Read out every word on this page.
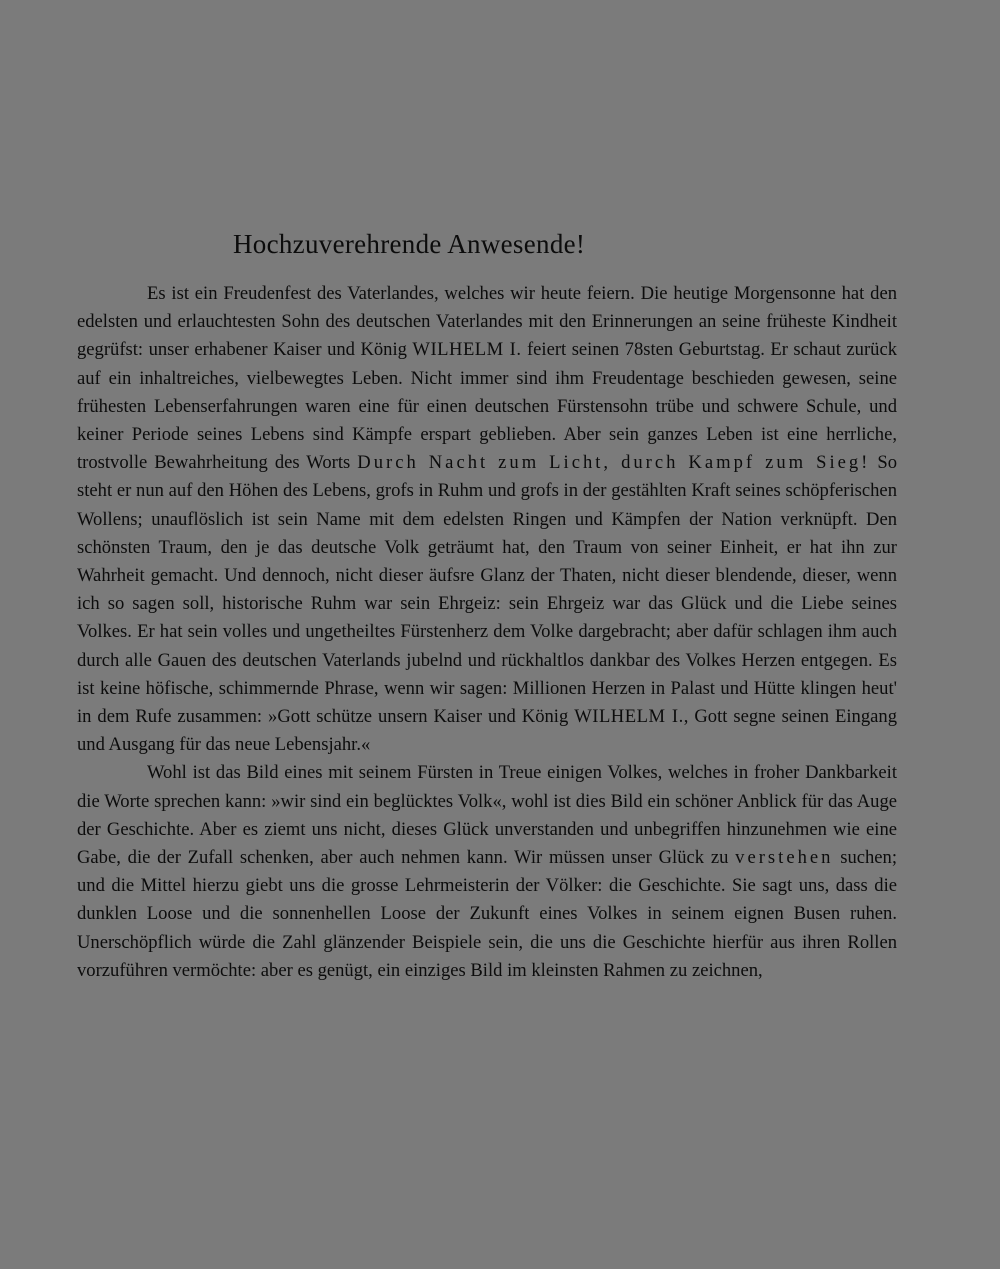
Hochzuverehrende Anwesende!

Es ist ein Freudenfest des Vaterlandes, welches wir heute feiern. Die heutige Morgensonne hat den edelsten und erlauchtesten Sohn des deutschen Vaterlandes mit den Erinnerungen an seine früheste Kindheit gegrüfst: unser erhabener Kaiser und König WILHELM I. feiert seinen 78sten Geburtstag. Er schaut zurück auf ein inhaltreiches, vielbewegtes Leben. Nicht immer sind ihm Freudentage beschieden gewesen, seine frühesten Lebenserfahrungen waren eine für einen deutschen Fürstensohn trübe und schwere Schule, und keiner Periode seines Lebens sind Kämpfe erspart geblieben. Aber sein ganzes Leben ist eine herrliche, trostvolle Bewahrheitung des Worts Durch Nacht zum Licht, durch Kampf zum Sieg! So steht er nun auf den Höhen des Lebens, grofs in Ruhm und grofs in der gestählten Kraft seines schöpferischen Wollens; unauflöslich ist sein Name mit dem edelsten Ringen und Kämpfen der Nation verknüpft. Den schönsten Traum, den je das deutsche Volk geträumt hat, den Traum von seiner Einheit, er hat ihn zur Wahrheit gemacht. Und dennoch, nicht dieser äufsre Glanz der Thaten, nicht dieser blendende, dieser, wenn ich so sagen soll, historische Ruhm war sein Ehrgeiz: sein Ehrgeiz war das Glück und die Liebe seines Volkes. Er hat sein volles und ungetheiltes Fürstenherz dem Volke dargebracht; aber dafür schlagen ihm auch durch alle Gauen des deutschen Vaterlands jubelnd und rückhaltlos dankbar des Volkes Herzen entgegen. Es ist keine höfische, schimmernde Phrase, wenn wir sagen: Millionen Herzen in Palast und Hütte klingen heut' in dem Rufe zusammen: »Gott schütze unsern Kaiser und König WILHELM I., Gott segne seinen Eingang und Ausgang für das neue Lebensjahr.«

Wohl ist das Bild eines mit seinem Fürsten in Treue einigen Volkes, welches in froher Dankbarkeit die Worte sprechen kann: »wir sind ein beglücktes Volk«, wohl ist dies Bild ein schöner Anblick für das Auge der Geschichte. Aber es ziemt uns nicht, dieses Glück unverstanden und unbegriffen hinzunehmen wie eine Gabe, die der Zufall schenken, aber auch nehmen kann. Wir müssen unser Glück zu verstehen suchen; und die Mittel hierzu giebt uns die grosse Lehrmeisterin der Völker: die Geschichte. Sie sagt uns, dass die dunklen Loose und die sonnenhellen Loose der Zukunft eines Volkes in seinem eignen Busen ruhen. Unerschöpflich würde die Zahl glänzender Beispiele sein, die uns die Geschichte hierfür aus ihren Rollen vorzuführen vermöchte: aber es genügt, ein einziges Bild im kleinsten Rahmen zu zeichnen,
